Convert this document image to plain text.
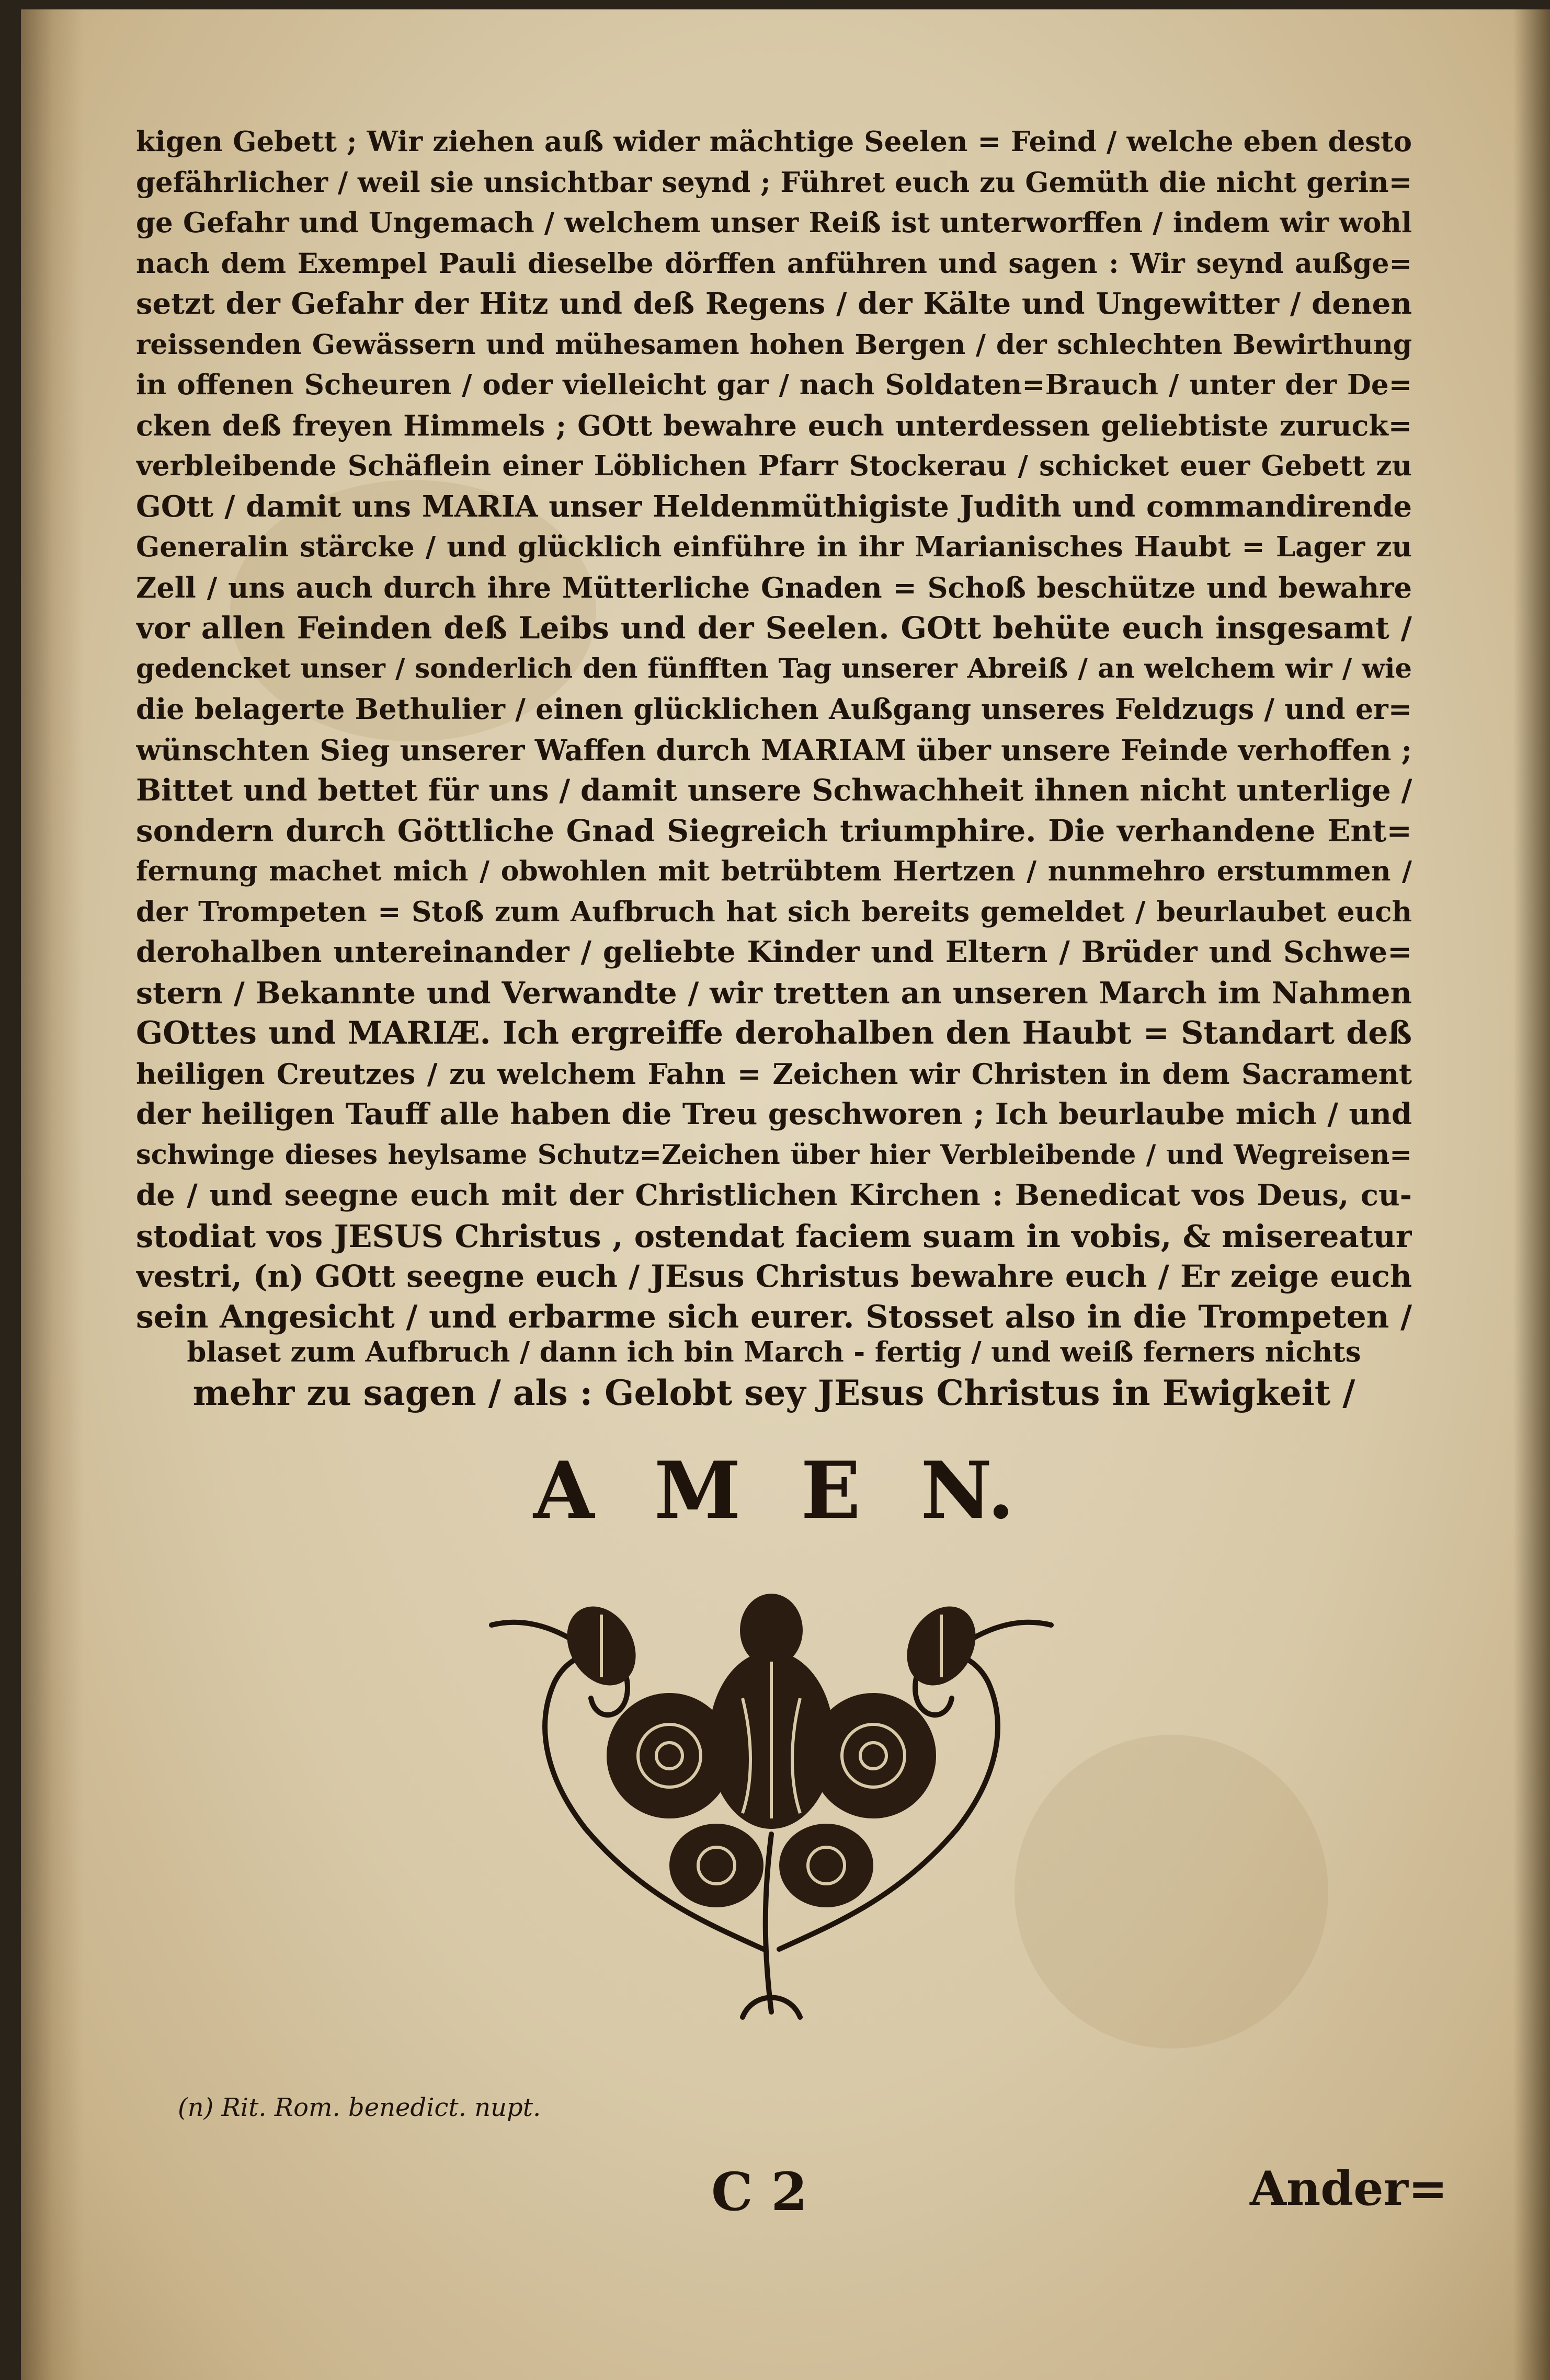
kigen Gebett ; Wir ziehen auß wider mächtige Seelen = Feind / welche eben desto
gefährlicher / weil sie unsichtbar seynd ; Führet euch zu Gemüth die nicht gerin=
ge Gefahr und Ungemach / welchem unser Reiß ist unterworffen / indem wir wohl
nach dem Exempel Pauli dieselbe dörffen anführen und sagen : Wir seynd außge=
setzt der Gefahr der Hitz und deß Regens / der Kälte und Ungewitter / denen
reissenden Gewässern und mühesamen hohen Bergen / der schlechten Bewirthung
in offenen Scheuren / oder vielleicht gar / nach Soldaten=Brauch / unter der De=
cken deß freyen Himmels ; GOtt bewahre euch unterdessen geliebtiste zuruck=
verbleibende Schäflein einer Löblichen Pfarr Stockerau / schicket euer Gebett zu
GOtt / damit uns MARIA unser Heldenmüthigiste Judith und commandirende
Generalin stärcke / und glücklich einführe in ihr Marianisches Haubt = Lager zu
Zell / uns auch durch ihre Mütterliche Gnaden = Schoß beschütze und bewahre
vor allen Feinden deß Leibs und der Seelen. GOtt behüte euch insgesamt /
gedencket unser / sonderlich den fünfften Tag unserer Abreiß / an welchem wir / wie
die belagerte Bethulier / einen glücklichen Außgang unseres Feldzugs / und er=
wünschten Sieg unserer Waffen durch MARIAM über unsere Feinde verhoffen ;
Bittet und bettet für uns / damit unsere Schwachheit ihnen nicht unterlige /
sondern durch Göttliche Gnad Siegreich triumphire. Die verhandene Ent=
fernung machet mich / obwohlen mit betrübtem Hertzen / nunmehro erstummen /
der Trompeten = Stoß zum Aufbruch hat sich bereits gemeldet / beurlaubet euch
derohalben untereinander / geliebte Kinder und Eltern / Brüder und Schwe=
stern / Bekannte und Verwandte / wir tretten an unseren March im Nahmen
GOttes und MARIÆ. Ich ergreiffe derohalben den Haubt = Standart deß
heiligen Creutzes / zu welchem Fahn = Zeichen wir Christen in dem Sacrament
der heiligen Tauff alle haben die Treu geschworen ; Ich beurlaube mich / und
schwinge dieses heylsame Schutz=Zeichen über hier Verbleibende / und Wegreisen=
de / und seegne euch mit der Christlichen Kirchen : Benedicat vos Deus, cu-
stodiat vos JESUS Christus , ostendat faciem suam in vobis, & misereatur
vestri, (n) GOtt seegne euch / JEsus Christus bewahre euch / Er zeige euch
sein Angesicht / und erbarme sich eurer. Stosset also in die Trompeten /
blaset zum Aufbruch / dann ich bin March - fertig / und weiß ferners nichts
mehr zu sagen / als : Gelobt sey JEsus Christus in Ewigkeit /
A M E N.
(n) Rit. Rom. benedict. nupt.
C 2	Ander=
